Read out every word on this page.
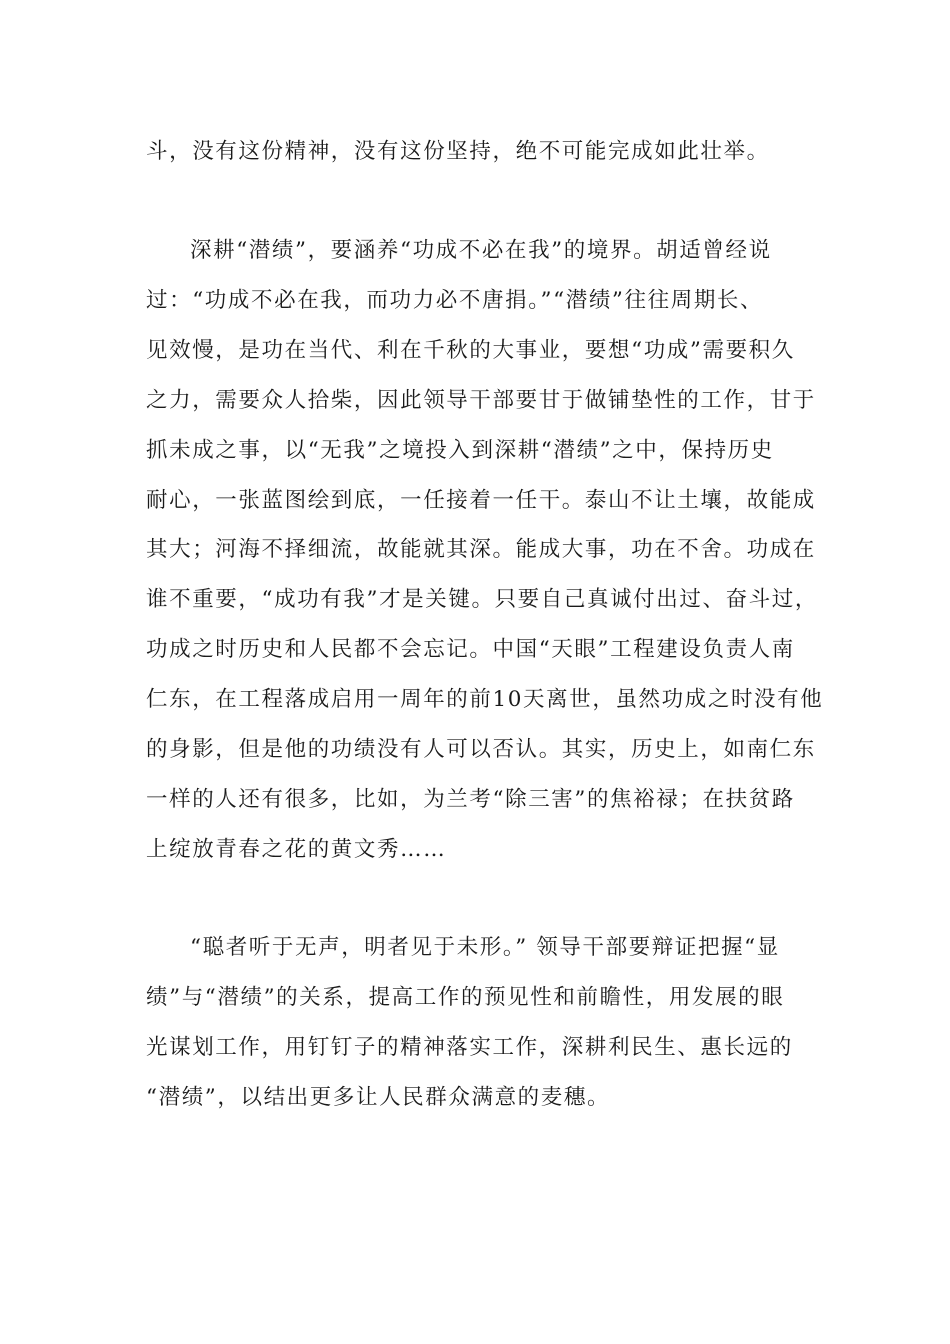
斗，没有这份精神，没有这份坚持，绝不可能完成如此壮举。
深耕“潜绩”，要涵养“功成不必在我”的境界。胡适曾经说
过：“功成不必在我，而功力必不唐捐。”“潜绩”往往周期长、
见效慢，是功在当代、利在千秋的大事业，要想“功成”需要积久
之力，需要众人拾柴，因此领导干部要甘于做铺垫性的工作，甘于
抓未成之事，以“无我”之境投入到深耕“潜绩”之中，保持历史
耐心，一张蓝图绘到底，一任接着一任干。泰山不让土壤，故能成
其大；河海不择细流，故能就其深。能成大事，功在不舍。功成在
谁不重要，“成功有我”才是关键。只要自己真诚付出过、奋斗过，
功成之时历史和人民都不会忘记。中国“天眼”工程建设负责人南
仁东，在工程落成启用一周年的前10天离世，虽然功成之时没有他
的身影，但是他的功绩没有人可以否认。其实，历史上，如南仁东
一样的人还有很多，比如，为兰考“除三害”的焦裕禄；在扶贫路
上绽放青春之花的黄文秀……
“聪者听于无声，明者见于未形。” 领导干部要辩证把握“显
绩”与“潜绩”的关系，提高工作的预见性和前瞻性，用发展的眼
光谋划工作，用钉钉子的精神落实工作，深耕利民生、惠长远的
“潜绩”，以结出更多让人民群众满意的麦穗。
